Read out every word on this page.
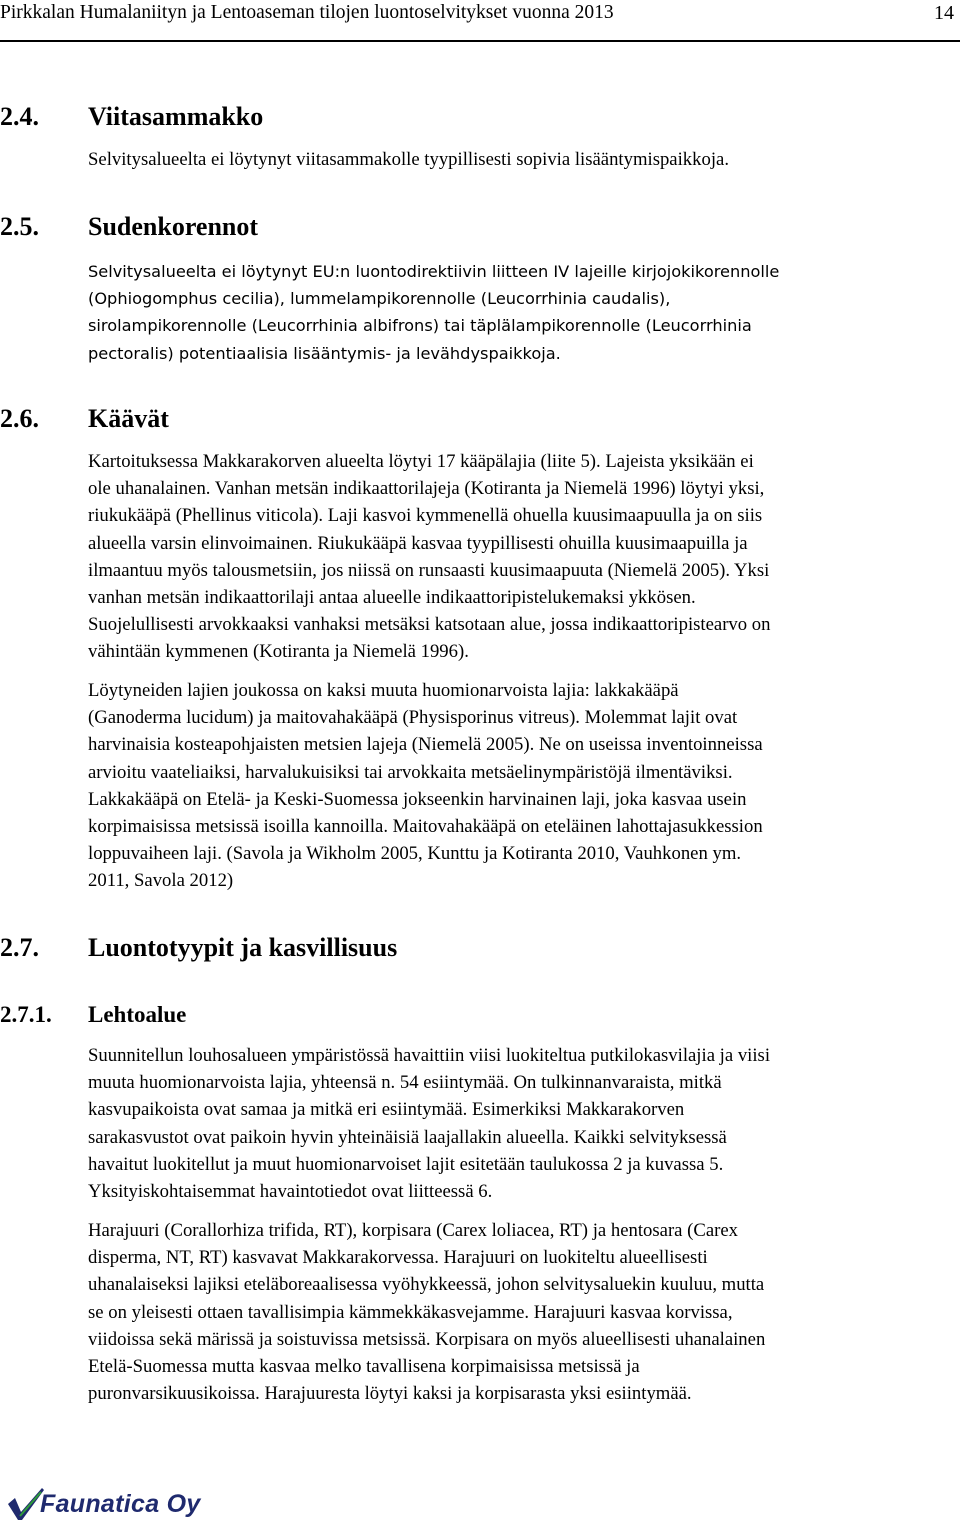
Pirkkalan Humalaniityn ja Lentoaseman tilojen luontoselvitykset vuonna 2013	14
2.4. Viitasammakko
Selvitysalueelta ei löytynyt viitasammakolle tyypillisesti sopivia lisääntymispaikkoja.
2.5. Sudenkorennot
Selvitysalueelta ei löytynyt EU:n luontodirektiivin liitteen IV lajeille kirjojokikorennolle
(Ophiogomphus cecilia), lummelampikorennolle (Leucorrhinia caudalis),
sirolampikorennolle (Leucorrhinia albifrons) tai täplälampikorennolle (Leucorrhinia
pectoralis) potentiaalisia lisääntymis- ja levähdyspaikkoja.
2.6. Käävät
Kartoituksessa Makkarakorven alueelta löytyi 17 kääpälajia (liite 5). Lajeista yksikään ei
ole uhanalainen. Vanhan metsän indikaattorilajeja (Kotiranta ja Niemelä 1996) löytyi yksi,
riukukääpä (Phellinus viticola). Laji kasvoi kymmenellä ohuella kuusimaapuulla ja on siis
alueella varsin elinvoimainen. Riukukääpä kasvaa tyypillisesti ohuilla kuusimaapuilla ja
ilmaantuu myös talousmetsiin, jos niissä on runsaasti kuusimaapuuta (Niemelä 2005). Yksi
vanhan metsän indikaattorilaji antaa alueelle indikaattoripistelukemaksi ykkösen.
Suojelullisesti arvokkaaksi vanhaksi metsäksi katsotaan alue, jossa indikaattoripistearvo on
vähintään kymmenen (Kotiranta ja Niemelä 1996).
Löytyneiden lajien joukossa on kaksi muuta huomionarvoista lajia: lakkakääpä
(Ganoderma lucidum) ja maitovahakääpä (Physisporinus vitreus). Molemmat lajit ovat
harvinaisia kosteapohjaisten metsien lajeja (Niemelä 2005). Ne on useissa inventoinneissa
arvioitu vaateliaiksi, harvalukuisiksi tai arvokkaita metsäelinympäristöjä ilmentäviksi.
Lakkakääpä on Etelä- ja Keski-Suomessa jokseenkin harvinainen laji, joka kasvaa usein
korpimaisissa metsissä isoilla kannoilla. Maitovahakääpä on eteläinen lahottajasukkession
loppuvaiheen laji. (Savola ja Wikholm 2005, Kunttu ja Kotiranta 2010, Vauhkonen ym.
2011, Savola 2012)
2.7. Luontotyypit ja kasvillisuus
2.7.1. Lehtoalue
Suunnitellun louhosalueen ympäristössä havaittiin viisi luokiteltua putkilokasvilajia ja viisi
muuta huomionarvoista lajia, yhteensä n. 54 esiintymää. On tulkinnanvaraista, mitkä
kasvupaikoista ovat samaa ja mitkä eri esiintymää. Esimerkiksi Makkarakorven
sarakasvustot ovat paikoin hyvin yhteinäisiä laajallakin alueella. Kaikki selvityksessä
havaitut luokitellut ja muut huomionarvoiset lajit esitetään taulukossa 2 ja kuvassa 5.
Yksityiskohtaisemmat havaintotiedot ovat liitteessä 6.
Harajuuri (Corallorhiza trifida, RT), korpisara (Carex loliacea, RT) ja hentosara (Carex
disperma, NT, RT) kasvavat Makkarakorvessa. Harajuuri on luokiteltu alueellisesti
uhanalaiseksi lajiksi eteläboreaalisessa vyöhykkeessä, johon selvitysaluekin kuuluu, mutta
se on yleisesti ottaen tavallisimpia kämmekkäkasvejamme. Harajuuri kasvaa korvissa,
viidoissa sekä märissä ja soistuvissa metsissä. Korpisara on myös alueellisesti uhanalainen
Etelä-Suomessa mutta kasvaa melko tavallisena korpimaisissa metsissä ja
puronvarsikuusikoissa. Harajuuresta löytyi kaksi ja korpisarasta yksi esiintymää.
Faunatica Oy
